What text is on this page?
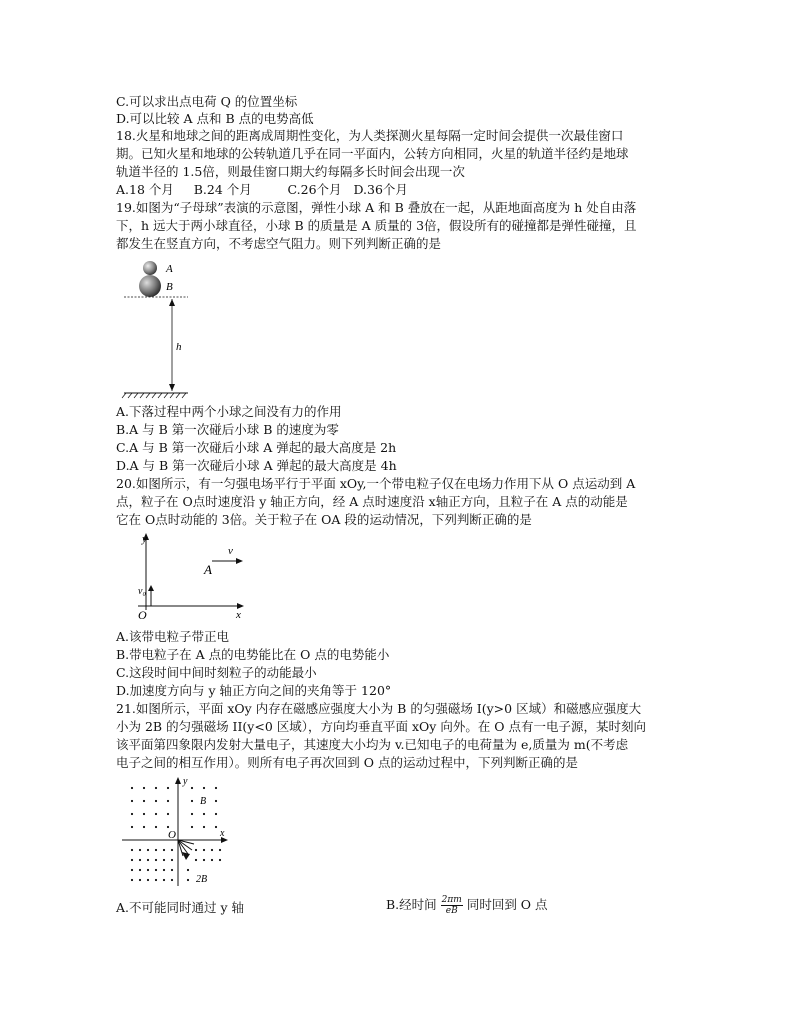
C.可以求出点电荷 Q 的位置坐标
D.可以比较 A 点和 B 点的电势高低
18.火星和地球之间的距离成周期性变化，为人类探测火星每隔一定时间会提供一次最佳窗口
期。已知火星和地球的公转轨道几乎在同一平面内，公转方向相同，火星的轨道半径约是地球
轨道半径的 1.5倍，则最佳窗口期大约每隔多长时间会出现一次
A.18 个月     B.24 个月         C.26个月   D.36个月
19.如图为“子母球”表演的示意图，弹性小球 A 和 B 叠放在一起，从距地面高度为 h 处自由落
下，h 远大于两小球直径，小球 B 的质量是 A 质量的 3倍，假设所有的碰撞都是弹性碰撞，且
都发生在竖直方向，不考虑空气阻力。则下列判断正确的是
A
B
h
A.下落过程中两个小球之间没有力的作用
B.A 与 B 第一次碰后小球 B 的速度为零
C.A 与 B 第一次碰后小球 A 弹起的最大高度是 2h
D.A 与 B 第一次碰后小球 A 弹起的最大高度是 4h
20.如图所示，有一匀强电场平行于平面 xOy,一个带电粒子仅在电场力作用下从 O 点运动到 A
点，粒子在 O点时速度沿 y 轴正方向，经 A 点时速度沿 x轴正方向，且粒子在 A 点的动能是
它在 O点时动能的 3倍。关于粒子在 OA 段的运动情况，下列判断正确的是
y
v
A
v₀
O	x
A.该带电粒子带正电
B.带电粒子在 A 点的电势能比在 O 点的电势能小
C.这段时间中间时刻粒子的动能最小
D.加速度方向与 y 轴正方向之间的夹角等于 120°
21.如图所示，平面 xOy 内存在磁感应强度大小为 B 的匀强磁场 I(y>0 区域）和磁感应强度大
小为 2B 的匀强磁场 II(y<0 区域），方向均垂直平面 xOy 向外。在 O 点有一电子源，某时刻向
该平面第四象限内发射大量电子，其速度大小均为 v.已知电子的电荷量为 e,质量为 m(不考虑
电子之间的相互作用）。则所有电子再次回到 O 点的运动过程中，下列判断正确的是
y
B
O	x
2B
A.不可能同时通过 y 轴	B.经时间 $\frac{2\pi m}{eB}$ 同时回到 O 点
